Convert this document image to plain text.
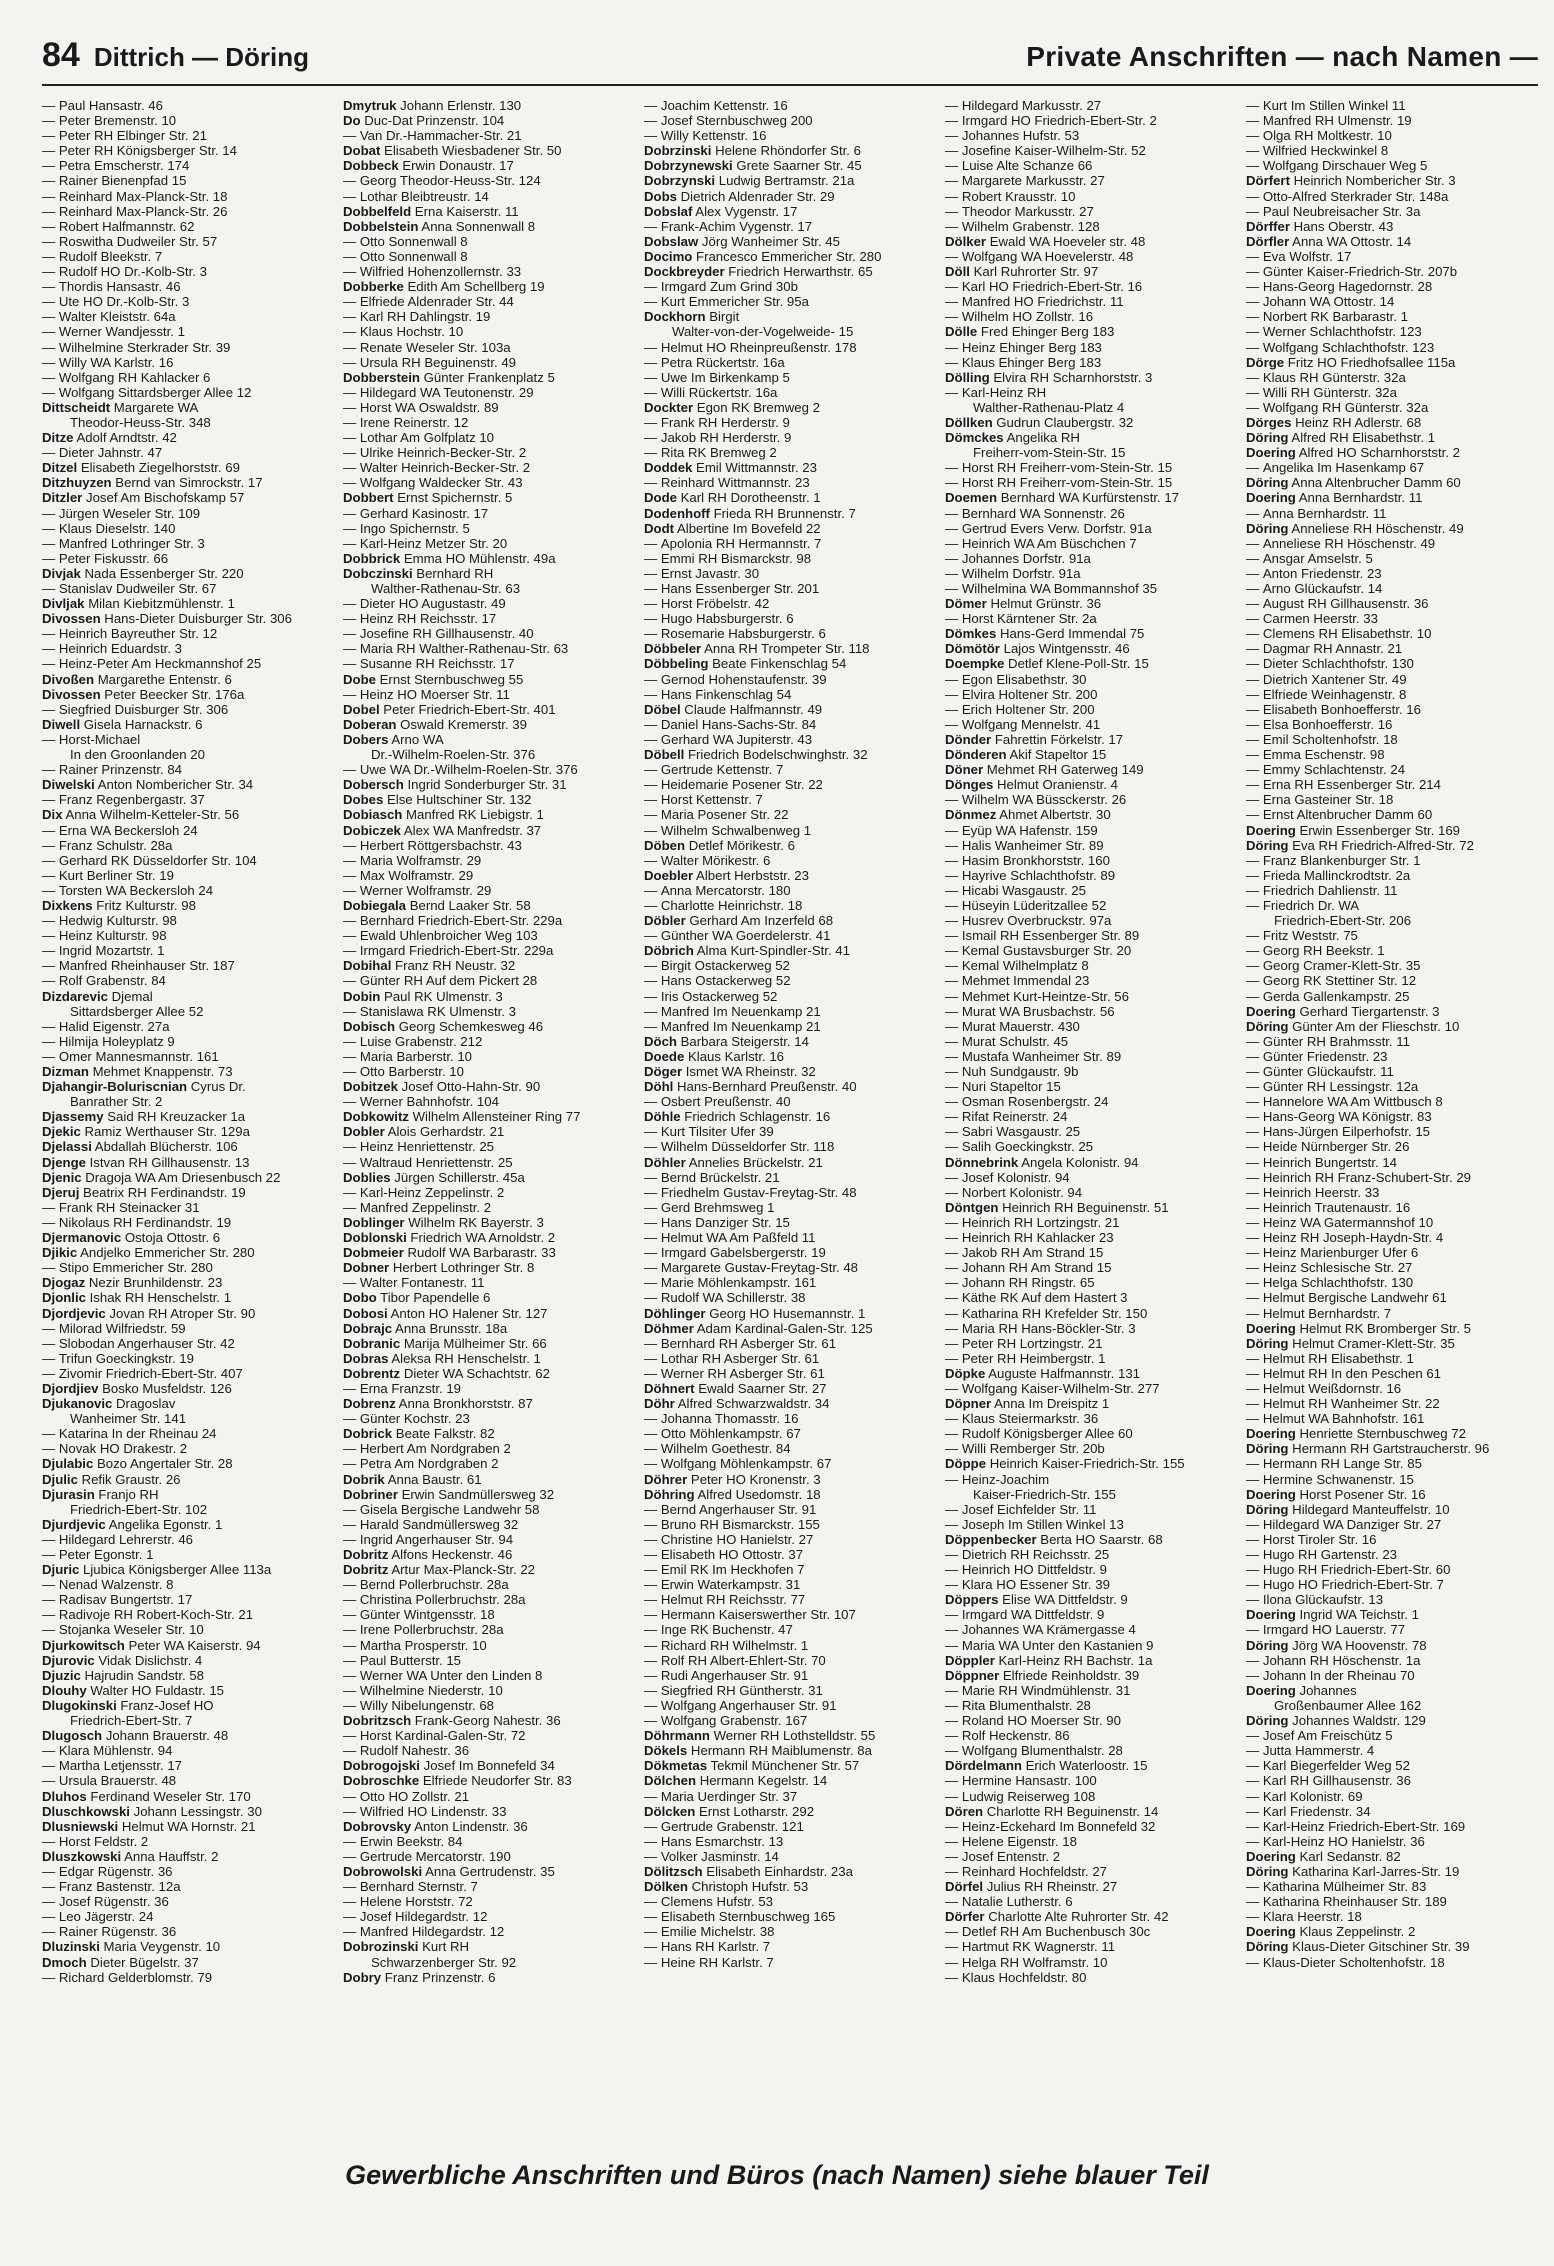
84 Dittrich — Döring	Private Anschriften — nach Namen —
— Paul Hansastr. 46
— Peter Bremenstr. 10
— Peter RH Elbinger Str. 21
— Peter RH Königsberger Str. 14
— Petra Emscherstr. 174
— Rainer Bienenpfad 15
— Reinhard Max-Planck-Str. 18
— Reinhard Max-Planck-Str. 26
— Robert Halfmannstr. 62
— Roswitha Dudweiler Str. 57
— Rudolf Bleekstr. 7
— Rudolf HO Dr.-Kolb-Str. 3
— Thordis Hansastr. 46
— Ute HO Dr.-Kolb-Str. 3
— Walter Kleiststr. 64a
— Werner Wandjesstr. 1
— Wilhelmine Sterkrader Str. 39
— Willy WA Karlstr. 16
— Wolfgang RH Kahlacker 6
— Wolfgang Sittardsberger Allee 12
Dittscheidt Margarete WA
Theodor-Heuss-Str. 348
Ditze Adolf Arndtstr. 42
— Dieter Jahnstr. 47
Ditzel Elisabeth Ziegelhorststr. 69
Ditzhuyzen Bernd van Simrockstr. 17
Ditzler Josef Am Bischofskamp 57
— Jürgen Weseler Str. 109
— Klaus Dieselstr. 140
— Manfred Lothringer Str. 3
— Peter Fiskusstr. 66
Divjak Nada Essenberger Str. 220
— Stanislav Dudweiler Str. 67
Divljak Milan Kiebitzmühlenstr. 1
Divossen Hans-Dieter Duisburger Str. 306
— Heinrich Bayreuther Str. 12
— Heinrich Eduardstr. 3
— Heinz-Peter Am Heckmannshof 25
Divoßen Margarethe Entenstr. 6
Divossen Peter Beecker Str. 176a
— Siegfried Duisburger Str. 306
Diwell Gisela Harnackstr. 6
— Horst-Michael
In den Groonlanden 20
— Rainer Prinzenstr. 84
Diwelski Anton Nombericher Str. 34
— Franz Regenbergastr. 37
Dix Anna Wilhelm-Ketteler-Str. 56
— Erna WA Beckersloh 24
— Franz Schulstr. 28a
— Gerhard RK Düsseldorfer Str. 104
— Kurt Berliner Str. 19
— Torsten WA Beckersloh 24
Dixkens Fritz Kulturstr. 98
— Hedwig Kulturstr. 98
— Heinz Kulturstr. 98
— Ingrid Mozartstr. 1
— Manfred Rheinhauser Str. 187
— Rolf Grabenstr. 84
Dizdarevic Djemal
Sittardsberger Allee 52
— Halid Eigenstr. 27a
— Hilmija Holeyplatz 9
— Omer Mannesmannstr. 161
Dizman Mehmet Knappenstr. 73
Djahangir-Boluriscnian Cyrus Dr.
Banrather Str. 2
Djassemy Said RH Kreuzacker 1a
Djekic Ramiz Werthauser Str. 129a
Djelassi Abdallah Blücherstr. 106
Djenge Istvan RH Gillhausenstr. 13
Djenic Dragoja WA Am Driesenbusch 22
Djeruj Beatrix RH Ferdinandstr. 19
— Frank RH Steinacker 31
— Nikolaus RH Ferdinandstr. 19
Djermanovic Ostoja Ottostr. 6
Djikic Andjelko Emmericher Str. 280
— Stipo Emmericher Str. 280
Djogaz Nezir Brunhildenstr. 23
Djonlic Ishak RH Henschelstr. 1
Djordjevic Jovan RH Atroper Str. 90
— Milorad Wilfriedstr. 59
— Slobodan Angerhauser Str. 42
— Trifun Goeckingkstr. 19
— Zivomir Friedrich-Ebert-Str. 407
Djordjiev Bosko Musfeldstr. 126
Djukanovic Dragoslav
Wanheimer Str. 141
— Katarina In der Rheinau 24
— Novak HO Drakestr. 2
Djulabic Bozo Angertaler Str. 28
Djulic Refik Graustr. 26
Djurasin Franjo RH
Friedrich-Ebert-Str. 102
Djurdjevic Angelika Egonstr. 1
— Hildegard Lehrerstr. 46
— Peter Egonstr. 1
Djuric Ljubica Königsberger Allee 113a
— Nenad Walzenstr. 8
— Radisav Bungertstr. 17
— Radivoje RH Robert-Koch-Str. 21
— Stojanka Weseler Str. 10
Djurkowitsch Peter WA Kaiserstr. 94
Djurovic Vidak Dislichstr. 4
Djuzic Hajrudin Sandstr. 58
Dlouhy Walter HO Fuldastr. 15
Dlugokinski Franz-Josef HO
Friedrich-Ebert-Str. 7
Dlugosch Johann Brauerstr. 48
— Klara Mühlenstr. 94
— Martha Letjensstr. 17
— Ursula Brauerstr. 48
Dluhos Ferdinand Weseler Str. 170
Dluschkowski Johann Lessingstr. 30
Dlusniewski Helmut WA Hornstr. 21
— Horst Feldstr. 2
Dluszkowski Anna Hauffstr. 2
— Edgar Rügenstr. 36
— Franz Bastenstr. 12a
— Josef Rügenstr. 36
— Leo Jägerstr. 24
— Rainer Rügenstr. 36
Dluzinski Maria Veygenstr. 10
Dmoch Dieter Bügelstr. 37
— Richard Gelderblomstr. 79
Dmytruk Johann Erlenstr. 130
Do Duc-Dat Prinzenstr. 104
— Van Dr.-Hammacher-Str. 21
Dobat Elisabeth Wiesbadener Str. 50
Dobbeck Erwin Donaustr. 17
— Georg Theodor-Heuss-Str. 124
— Lothar Bleibtreustr. 14
Dobbelfeld Erna Kaiserstr. 11
Dobbelstein Anna Sonnenwall 8
— Otto Sonnenwall 8
— Otto Sonnenwall 8
— Wilfried Hohenzollernstr. 33
Dobberke Edith Am Schellberg 19
— Elfriede Aldenrader Str. 44
— Karl RH Dahlingstr. 19
— Klaus Hochstr. 10
— Renate Weseler Str. 103a
— Ursula RH Beguinenstr. 49
Dobberstein Günter Frankenplatz 5
— Hildegard WA Teutonenstr. 29
— Horst WA Oswaldstr. 89
— Irene Reinerstr. 12
— Lothar Am Golfplatz 10
— Ulrike Heinrich-Becker-Str. 2
— Walter Heinrich-Becker-Str. 2
— Wolfgang Waldecker Str. 43
Dobbert Ernst Spichernstr. 5
— Gerhard Kasinostr. 17
— Ingo Spichernstr. 5
— Karl-Heinz Metzer Str. 20
Dobbrick Emma HO Mühlenstr. 49a
Dobczinski Bernhard RH
Walther-Rathenau-Str. 63
— Dieter HO Augustastr. 49
— Heinz RH Reichsstr. 17
— Josefine RH Gillhausenstr. 40
— Maria RH Walther-Rathenau-Str. 63
— Susanne RH Reichsstr. 17
Dobe Ernst Sternbuschweg 55
— Heinz HO Moerser Str. 11
Dobel Peter Friedrich-Ebert-Str. 401
Doberan Oswald Kremerstr. 39
Dobers Arno WA
Dr.-Wilhelm-Roelen-Str. 376
— Uwe WA Dr.-Wilhelm-Roelen-Str. 376
Dobersch Ingrid Sonderburger Str. 31
Dobes Else Hultschiner Str. 132
Dobiasch Manfred RK Liebigstr. 1
Dobiczek Alex WA Manfredstr. 37
— Herbert Röttgersbachstr. 43
— Maria Wolframstr. 29
— Max Wolframstr. 29
— Werner Wolframstr. 29
Dobiegala Bernd Laaker Str. 58
— Bernhard Friedrich-Ebert-Str. 229a
— Ewald Uhlenbroicher Weg 103
— Irmgard Friedrich-Ebert-Str. 229a
Dobihal Franz RH Neustr. 32
— Günter RH Auf dem Pickert 28
Dobin Paul RK Ulmenstr. 3
— Stanislawa RK Ulmenstr. 3
Dobisch Georg Schemkesweg 46
— Luise Grabenstr. 212
— Maria Barberstr. 10
— Otto Barberstr. 10
Dobitzek Josef Otto-Hahn-Str. 90
— Werner Bahnhofstr. 104
Dobkowitz Wilhelm Allensteiner Ring 77
Dobler Alois Gerhardstr. 21
— Heinz Henriettenstr. 25
— Waltraud Henriettenstr. 25
Doblies Jürgen Schillerstr. 45a
— Karl-Heinz Zeppelinstr. 2
— Manfred Zeppelinstr. 2
Doblinger Wilhelm RK Bayerstr. 3
Doblonski Friedrich WA Arnoldstr. 2
Dobmeier Rudolf WA Barbarastr. 33
Dobner Herbert Lothringer Str. 8
— Walter Fontanestr. 11
Dobo Tibor Papendelle 6
Dobosi Anton HO Halener Str. 127
Dobrajc Anna Brunsstr. 18a
Dobranic Marija Mülheimer Str. 66
Dobras Aleksa RH Henschelstr. 1
Dobrentz Dieter WA Schachtstr. 62
— Erna Franzstr. 19
Dobrenz Anna Bronkhorststr. 87
— Günter Kochstr. 23
Dobrick Beate Falkstr. 82
— Herbert Am Nordgraben 2
— Petra Am Nordgraben 2
Dobrik Anna Baustr. 61
Dobriner Erwin Sandmüllersweg 32
— Gisela Bergische Landwehr 58
— Harald Sandmüllersweg 32
— Ingrid Angerhauser Str. 94
Dobritz Alfons Heckenstr. 46
Dobritz Artur Max-Planck-Str. 22
— Bernd Pollerbruchstr. 28a
— Christina Pollerbruchstr. 28a
— Günter Wintgensstr. 18
— Irene Pollerbruchstr. 28a
— Martha Prosperstr. 10
— Paul Butterstr. 15
— Werner WA Unter den Linden 8
— Wilhelmine Niederstr. 10
— Willy Nibelungenstr. 68
Dobritzsch Frank-Georg Nahestr. 36
— Horst Kardinal-Galen-Str. 72
— Rudolf Nahestr. 36
Dobrogojski Josef Im Bonnefeld 34
Dobroschke Elfriede Neudorfer Str. 83
— Otto HO Zollstr. 21
— Wilfried HO Lindenstr. 33
Dobrovsky Anton Lindenstr. 36
— Erwin Beekstr. 84
— Gertrude Mercatorstr. 190
Dobrowolski Anna Gertrudenstr. 35
— Bernhard Sternstr. 7
— Helene Horststr. 72
— Josef Hildegardstr. 12
— Manfred Hildegardstr. 12
Dobrozinski Kurt RH
Schwarzenberger Str. 92
Dobry Franz Prinzenstr. 6
— Joachim Kettenstr. 16
— Josef Sternbuschweg 200
— Willy Kettenstr. 16
Dobrzinski Helene Rhöndorfer Str. 6
Dobrzynewski Grete Saarner Str. 45
Dobrzynski Ludwig Bertramstr. 21a
Dobs Dietrich Aldenrader Str. 29
Dobslaf Alex Vygenstr. 17
— Frank-Achim Vygenstr. 17
Dobslaw Jörg Wanheimer Str. 45
Docimo Francesco Emmericher Str. 280
Dockbreyder Friedrich Herwarthstr. 65
— Irmgard Zum Grind 30b
— Kurt Emmericher Str. 95a
Dockhorn Birgit
Walter-von-der-Vogelweide- 15
— Helmut HO Rheinpreußenstr. 178
— Petra Rückertstr. 16a
— Uwe Im Birkenkamp 5
— Willi Rückertstr. 16a
Dockter Egon RK Bremweg 2
— Frank RH Herderstr. 9
— Jakob RH Herderstr. 9
— Rita RK Bremweg 2
Doddek Emil Wittmannstr. 23
— Reinhard Wittmannstr. 23
Dode Karl RH Dorotheenstr. 1
Dodenhoff Frieda RH Brunnenstr. 7
Dodt Albertine Im Bovefeld 22
— Apolonia RH Hermannstr. 7
— Emmi RH Bismarckstr. 98
— Ernst Javastr. 30
— Hans Essenberger Str. 201
— Horst Fröbelstr. 42
— Hugo Habsburgerstr. 6
— Rosemarie Habsburgerstr. 6
Döbbeler Anna RH Trompeter Str. 118
Döbbeling Beate Finkenschlag 54
— Gernod Hohenstaufenstr. 39
— Hans Finkenschlag 54
Döbel Claude Halfmannstr. 49
— Daniel Hans-Sachs-Str. 84
— Gerhard WA Jupiterstr. 43
Döbell Friedrich Bodelschwinghstr. 32
— Gertrude Kettenstr. 7
— Heidemarie Posener Str. 22
— Horst Kettenstr. 7
— Maria Posener Str. 22
— Wilhelm Schwalbenweg 1
Döben Detlef Mörikestr. 6
— Walter Mörikestr. 6
Doebler Albert Herbststr. 23
— Anna Mercatorstr. 180
— Charlotte Heinrichstr. 18
Döbler Gerhard Am Inzerfeld 68
— Günther WA Goerdelerstr. 41
Döbrich Alma Kurt-Spindler-Str. 41
— Birgit Ostackerweg 52
— Hans Ostackerweg 52
— Iris Ostackerweg 52
— Manfred Im Neuenkamp 21
— Manfred Im Neuenkamp 21
Döch Barbara Steigerstr. 14
Doede Klaus Karlstr. 16
Döger Ismet WA Rheinstr. 32
Döhl Hans-Bernhard Preußenstr. 40
— Osbert Preußenstr. 40
Döhle Friedrich Schlagenstr. 16
— Kurt Tilsiter Ufer 39
— Wilhelm Düsseldorfer Str. 118
Döhler Annelies Brückelstr. 21
— Bernd Brückelstr. 21
— Friedhelm Gustav-Freytag-Str. 48
— Gerd Brehmsweg 1
— Hans Danziger Str. 15
— Helmut WA Am Paßfeld 11
— Irmgard Gabelsbergerstr. 19
— Margarete Gustav-Freytag-Str. 48
— Marie Möhlenkampstr. 161
— Rudolf WA Schillerstr. 38
Döhlinger Georg HO Husemannstr. 1
Döhmer Adam Kardinal-Galen-Str. 125
— Bernhard RH Asberger Str. 61
— Lothar RH Asberger Str. 61
— Werner RH Asberger Str. 61
Döhnert Ewald Saarner Str. 27
Döhr Alfred Schwarzwaldstr. 34
— Johanna Thomasstr. 16
— Otto Möhlenkampstr. 67
— Wilhelm Goethestr. 84
— Wolfgang Möhlenkampstr. 67
Döhrer Peter HO Kronenstr. 3
Döhring Alfred Usedomstr. 18
— Bernd Angerhauser Str. 91
— Bruno RH Bismarckstr. 155
— Christine HO Hanielstr. 27
— Elisabeth HO Ottostr. 37
— Emil RK Im Heckhofen 7
— Erwin Waterkampstr. 31
— Helmut RH Reichsstr. 77
— Hermann Kaiserswerther Str. 107
— Inge RK Buchenstr. 47
— Richard RH Wilhelmstr. 1
— Rolf RH Albert-Ehlert-Str. 70
— Rudi Angerhauser Str. 91
— Siegfried RH Güntherstr. 31
— Wolfgang Angerhauser Str. 91
— Wolfgang Grabenstr. 167
Döhrmann Werner RH Lothstelldstr. 55
Dökels Hermann RH Maiblumenstr. 8a
Dökmetas Tekmil Münchener Str. 57
Dölchen Hermann Kegelstr. 14
— Maria Uerdinger Str. 37
Dölcken Ernst Lotharstr. 292
— Gertrude Grabenstr. 121
— Hans Esmarchstr. 13
— Volker Jasminstr. 14
Dölitzsch Elisabeth Einhardstr. 23a
Dölken Christoph Hufstr. 53
— Clemens Hufstr. 53
— Elisabeth Sternbuschweg 165
— Emilie Michelstr. 38
— Hans RH Karlstr. 7
— Heine RH Karlstr. 7
— Hildegard Markusstr. 27
— Irmgard HO Friedrich-Ebert-Str. 2
— Johannes Hufstr. 53
— Josefine Kaiser-Wilhelm-Str. 52
— Luise Alte Schanze 66
— Margarete Markusstr. 27
— Robert Krausstr. 10
— Theodor Markusstr. 27
— Wilhelm Grabenstr. 128
Dölker Ewald WA Hoeveler str. 48
— Wolfgang WA Hoevelerstr. 48
Döll Karl Ruhrorter Str. 97
— Karl HO Friedrich-Ebert-Str. 16
— Manfred HO Friedrichstr. 11
— Wilhelm HO Zollstr. 16
Dölle Fred Ehinger Berg 183
— Heinz Ehinger Berg 183
— Klaus Ehinger Berg 183
Dölling Elvira RH Scharnhorststr. 3
— Karl-Heinz RH
Walther-Rathenau-Platz 4
Döllken Gudrun Claubergstr. 32
Dömckes Angelika RH
Freiherr-vom-Stein-Str. 15
— Horst RH Freiherr-vom-Stein-Str. 15
— Horst RH Freiherr-vom-Stein-Str. 15
Doemen Bernhard WA Kurfürstenstr. 17
— Bernhard WA Sonnenstr. 26
— Gertrud Evers Verw. Dorfstr. 91a
— Heinrich WA Am Büschchen 7
— Johannes Dorfstr. 91a
— Wilhelm Dorfstr. 91a
— Wilhelmina WA Bommannshof 35
Dömer Helmut Grünstr. 36
— Horst Kärntener Str. 2a
Dömkes Hans-Gerd Immendal 75
Dömötör Lajos Wintgensstr. 46
Doempke Detlef Klene-Poll-Str. 15
— Egon Elisabethstr. 30
— Elvira Holtener Str. 200
— Erich Holtener Str. 200
— Wolfgang Mennelstr. 41
Dönder Fahrettin Förkelstr. 17
Dönderen Akif Stapeltor 15
Döner Mehmet RH Gaterweg 149
Dönges Helmut Oranienstr. 4
— Wilhelm WA Büssckerstr. 26
Dönmez Ahmet Albertstr. 30
— Eyüp WA Hafenstr. 159
— Halis Wanheimer Str. 89
— Hasim Bronkhorststr. 160
— Hayrive Schlachthofstr. 89
— Hicabi Wasgaustr. 25
— Hüseyin Lüderitzallee 52
— Husrev Overbruckstr. 97a
— Ismail RH Essenberger Str. 89
— Kemal Gustavsburger Str. 20
— Kemal Wilhelmplatz 8
— Mehmet Immendal 23
— Mehmet Kurt-Heintze-Str. 56
— Murat WA Brusbachstr. 56
— Murat Mauerstr. 430
— Murat Schulstr. 45
— Mustafa Wanheimer Str. 89
— Nuh Sundgaustr. 9b
— Nuri Stapeltor 15
— Osman Rosenbergstr. 24
— Rifat Reinerstr. 24
— Sabri Wasgaustr. 25
— Salih Goeckingkstr. 25
Dönnebrink Angela Kolonistr. 94
— Josef Kolonistr. 94
— Norbert Kolonistr. 94
Döntgen Heinrich RH Beguinenstr. 51
— Heinrich RH Lortzingstr. 21
— Heinrich RH Kahlacker 23
— Jakob RH Am Strand 15
— Johann RH Am Strand 15
— Johann RH Ringstr. 65
— Käthe RK Auf dem Hastert 3
— Katharina RH Krefelder Str. 150
— Maria RH Hans-Böckler-Str. 3
— Peter RH Lortzingstr. 21
— Peter RH Heimbergstr. 1
Döpke Auguste Halfmannstr. 131
— Wolfgang Kaiser-Wilhelm-Str. 277
Döpner Anna Im Dreispitz 1
— Klaus Steiermarkstr. 36
— Rudolf Königsberger Allee 60
— Willi Remberger Str. 20b
Döppe Heinrich Kaiser-Friedrich-Str. 155
— Heinz-Joachim
Kaiser-Friedrich-Str. 155
— Josef Eichfelder Str. 11
— Joseph Im Stillen Winkel 13
Döppenbecker Berta HO Saarstr. 68
— Dietrich RH Reichsstr. 25
— Heinrich HO Dittfeldstr. 9
— Klara HO Essener Str. 39
Döppers Elise WA Dittfeldstr. 9
— Irmgard WA Dittfeldstr. 9
— Johannes WA Krämergasse 4
— Maria WA Unter den Kastanien 9
Döppler Karl-Heinz RH Bachstr. 1a
Döppner Elfriede Reinholdstr. 39
— Marie RH Windmühlenstr. 31
— Rita Blumenthalstr. 28
— Roland HO Moerser Str. 90
— Rolf Heckenstr. 86
— Wolfgang Blumenthalstr. 28
Dördelmann Erich Waterloostr. 15
— Hermine Hansastr. 100
— Ludwig Reiserweg 108
Dören Charlotte RH Beguinenstr. 14
— Heinz-Eckehard Im Bonnefeld 32
— Helene Eigenstr. 18
— Josef Entenstr. 2
— Reinhard Hochfeldstr. 27
Dörfel Julius RH Rheinstr. 27
— Natalie Lutherstr. 6
Dörfer Charlotte Alte Ruhrorter Str. 42
— Detlef RH Am Buchenbusch 30c
— Hartmut RK Wagnerstr. 11
— Helga RH Wolframstr. 10
— Klaus Hochfeldstr. 80
— Kurt Im Stillen Winkel 11
— Manfred RH Ulmenstr. 19
— Olga RH Moltkestr. 10
— Wilfried Heckwinkel 8
— Wolfgang Dirschauer Weg 5
Dörfert Heinrich Nombericher Str. 3
— Otto-Alfred Sterkrader Str. 148a
— Paul Neubreisacher Str. 3a
Dörffer Hans Oberstr. 43
Dörfler Anna WA Ottostr. 14
— Eva Wolfstr. 17
— Günter Kaiser-Friedrich-Str. 207b
— Hans-Georg Hagedornstr. 28
— Johann WA Ottostr. 14
— Norbert RK Barbarastr. 1
— Werner Schlachthofstr. 123
— Wolfgang Schlachthofstr. 123
Dörge Fritz HO Friedhofsallee 115a
— Klaus RH Günterstr. 32a
— Willi RH Günterstr. 32a
— Wolfgang RH Günterstr. 32a
Dörges Heinz RH Adlerstr. 68
Döring Alfred RH Elisabethstr. 1
Doering Alfred HO Scharnhorststr. 2
— Angelika Im Hasenkamp 67
Döring Anna Altenbrucher Damm 60
Doering Anna Bernhardstr. 11
— Anna Bernhardstr. 11
Döring Anneliese RH Höschenstr. 49
— Anneliese RH Höschenstr. 49
— Ansgar Amselstr. 5
— Anton Friedenstr. 23
— Arno Glückaufstr. 14
— August RH Gillhausenstr. 36
— Carmen Heerstr. 33
— Clemens RH Elisabethstr. 10
— Dagmar RH Annastr. 21
— Dieter Schlachthofstr. 130
— Dietrich Xantener Str. 49
— Elfriede Weinhagenstr. 8
— Elisabeth Bonhoefferstr. 16
— Elsa Bonhoefferstr. 16
— Emil Scholtenhofstr. 18
— Emma Eschenstr. 98
— Emmy Schlachtenstr. 24
— Erna RH Essenberger Str. 214
— Erna Gasteiner Str. 18
— Ernst Altenbrucher Damm 60
Doering Erwin Essenberger Str. 169
Döring Eva RH Friedrich-Alfred-Str. 72
— Franz Blankenburger Str. 1
— Frieda Mallinckrodtstr. 2a
— Friedrich Dahlienstr. 11
— Friedrich Dr. WA
Friedrich-Ebert-Str. 206
— Fritz Weststr. 75
— Georg RH Beekstr. 1
— Georg Cramer-Klett-Str. 35
— Georg RK Stettiner Str. 12
— Gerda Gallenkampstr. 25
Doering Gerhard Tiergartenstr. 3
Döring Günter Am der Flieschstr. 10
— Günter RH Brahmsstr. 11
— Günter Friedenstr. 23
— Günter Glückaufstr. 11
— Günter RH Lessingstr. 12a
— Hannelore WA Am Wittbusch 8
— Hans-Georg WA Königstr. 83
— Hans-Jürgen Eilperhofstr. 15
— Heide Nürnberger Str. 26
— Heinrich Bungertstr. 14
— Heinrich RH Franz-Schubert-Str. 29
— Heinrich Heerstr. 33
— Heinrich Trautenaustr. 16
— Heinz WA Gatermannshof 10
— Heinz RH Joseph-Haydn-Str. 4
— Heinz Marienburger Ufer 6
— Heinz Schlesische Str. 27
— Helga Schlachthofstr. 130
— Helmut Bergische Landwehr 61
— Helmut Bernhardstr. 7
Doering Helmut RK Bromberger Str. 5
Döring Helmut Cramer-Klett-Str. 35
— Helmut RH Elisabethstr. 1
— Helmut RH In den Peschen 61
— Helmut Weißdornstr. 16
— Helmut RH Wanheimer Str. 22
— Helmut WA Bahnhofstr. 161
Doering Henriette Sternbuschweg 72
Döring Hermann RH Gartstraucherstr. 96
— Hermann RH Lange Str. 85
— Hermine Schwanenstr. 15
Doering Horst Posener Str. 16
Döring Hildegard Manteuffelstr. 10
— Hildegard WA Danziger Str. 27
— Horst Tiroler Str. 16
— Hugo RH Gartenstr. 23
— Hugo RH Friedrich-Ebert-Str. 60
— Hugo HO Friedrich-Ebert-Str. 7
— Ilona Glückaufstr. 13
Doering Ingrid WA Teichstr. 1
— Irmgard HO Lauerstr. 77
Döring Jörg WA Hoovenstr. 78
— Johann RH Höschenstr. 1a
— Johann In der Rheinau 70
Doering Johannes
Großenbaumer Allee 162
Döring Johannes Waldstr. 129
— Josef Am Freischütz 5
— Jutta Hammerstr. 4
— Karl Biegerfelder Weg 52
— Karl RH Gillhausenstr. 36
— Karl Kolonistr. 69
— Karl Friedenstr. 34
— Karl-Heinz Friedrich-Ebert-Str. 169
— Karl-Heinz HO Hanielstr. 36
Doering Karl Sedanstr. 82
Döring Katharina Karl-Jarres-Str. 19
— Katharina Mülheimer Str. 83
— Katharina Rheinhauser Str. 189
— Klara Heerstr. 18
Doering Klaus Zeppelinstr. 2
Döring Klaus-Dieter Gitschiner Str. 39
— Klaus-Dieter Scholtenhofstr. 18
Gewerbliche Anschriften und Büros (nach Namen) siehe blauer Teil
